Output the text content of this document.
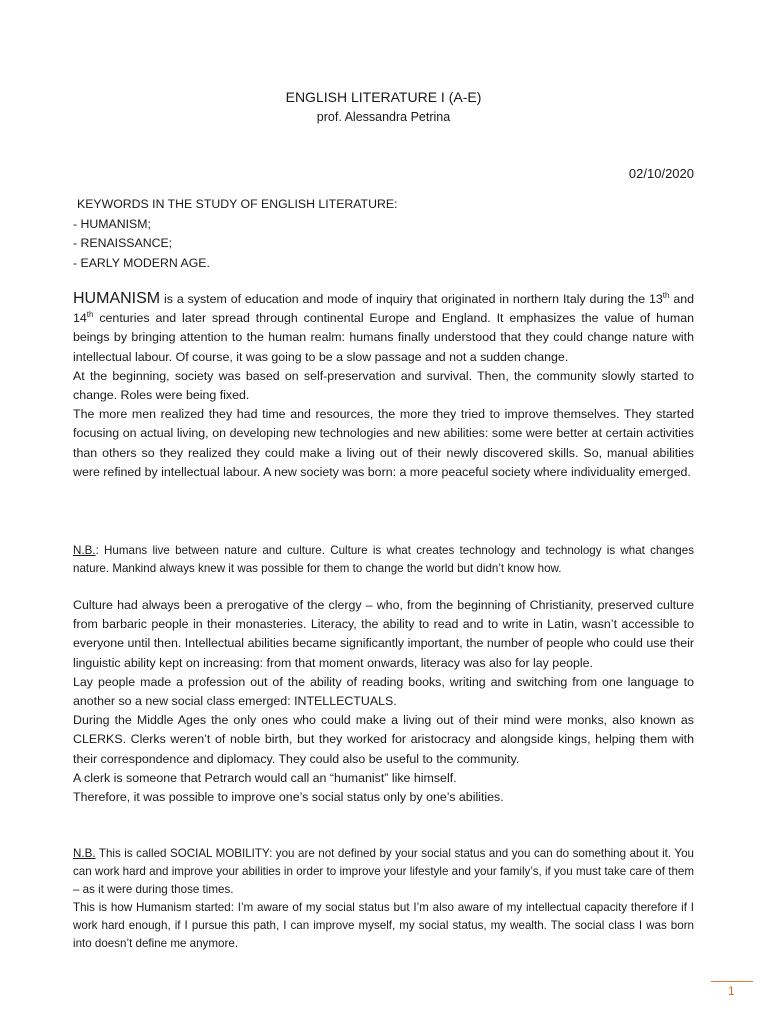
ENGLISH LITERATURE I (A-E)
prof. Alessandra Petrina
02/10/2020
KEYWORDS IN THE STUDY OF ENGLISH LITERATURE:
- HUMANISM;
- RENAISSANCE;
- EARLY MODERN AGE.

HUMANISM is a system of education and mode of inquiry that originated in northern Italy during the 13th and 14th centuries and later spread through continental Europe and England. It emphasizes the value of human beings by bringing attention to the human realm: humans finally understood that they could change nature with intellectual labour. Of course, it was going to be a slow passage and not a sudden change.

At the beginning, society was based on self-preservation and survival. Then, the community slowly started to change. Roles were being fixed.

The more men realized they had time and resources, the more they tried to improve themselves. They started focusing on actual living, on developing new technologies and new abilities: some were better at certain activities than others so they realized they could make a living out of their newly discovered skills. So, manual abilities were refined by intellectual labour. A new society was born: a more peaceful society where individuality emerged.

N.B.: Humans live between nature and culture. Culture is what creates technology and technology is what changes nature. Mankind always knew it was possible for them to change the world but didn’t know how.

Culture had always been a prerogative of the clergy – who, from the beginning of Christianity, preserved culture from barbaric people in their monasteries. Literacy, the ability to read and to write in Latin, wasn’t accessible to everyone until then. Intellectual abilities became significantly important, the number of people who could use their linguistic ability kept on increasing: from that moment onwards, literacy was also for lay people.

Lay people made a profession out of the ability of reading books, writing and switching from one language to another so a new social class emerged: INTELLECTUALS.

During the Middle Ages the only ones who could make a living out of their mind were monks, also known as CLERKS. Clerks weren’t of noble birth, but they worked for aristocracy and alongside kings, helping them with their correspondence and diplomacy. They could also be useful to the community.

A clerk is someone that Petrarch would call an “humanist” like himself.

Therefore, it was possible to improve one’s social status only by one’s abilities.

N.B. This is called SOCIAL MOBILITY: you are not defined by your social status and you can do something about it. You can work hard and improve your abilities in order to improve your lifestyle and your family’s, if you must take care of them – as it were during those times.

This is how Humanism started: I’m aware of my social status but I’m also aware of my intellectual capacity therefore if I work hard enough, if I pursue this path, I can improve myself, my social status, my wealth. The social class I was born into doesn’t define me anymore.

1
